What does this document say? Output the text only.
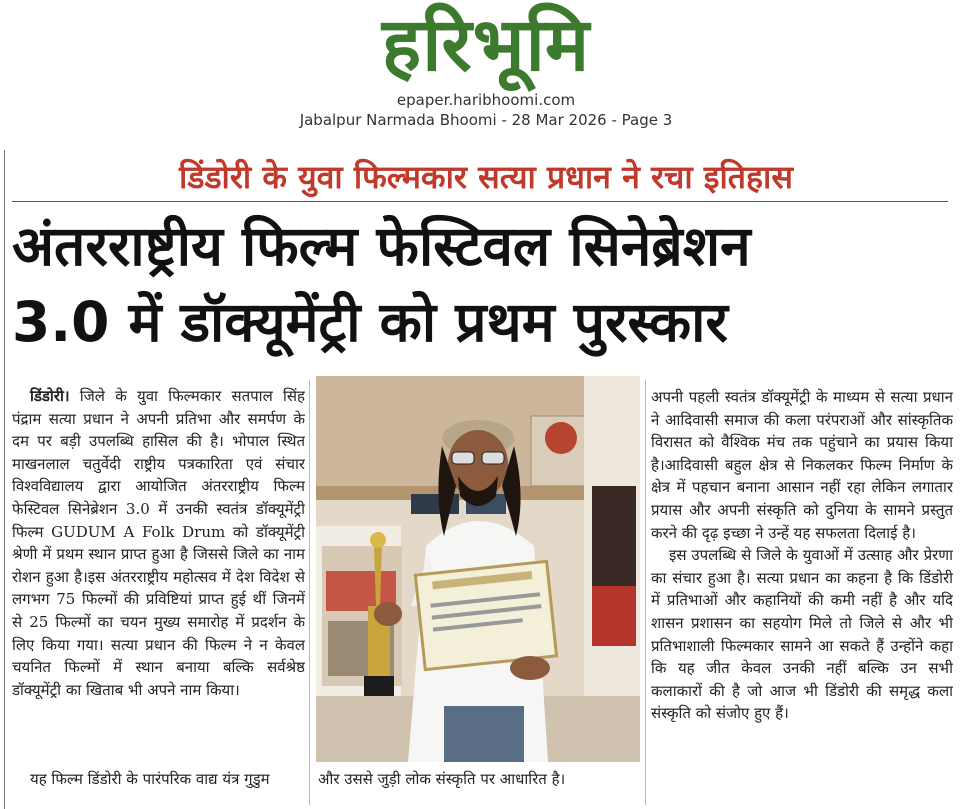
हरिभूमि
epaper.haribhoomi.com
Jabalpur Narmada Bhoomi - 28 Mar 2026 - Page 3
डिंडोरी के युवा फिल्मकार सत्या प्रधान ने रचा इतिहास
अंतरराष्ट्रीय फिल्म फेस्टिवल सिनेब्रेशन
3.0 में डॉक्यूमेंट्री को प्रथम पुरस्कार

डिंडोरी। जिले के युवा फिल्मकार सतपाल सिंह पंद्राम सत्या प्रधान ने अपनी प्रतिभा और समर्पण के दम पर बड़ी उपलब्धि हासिल की है। भोपाल स्थित माखनलाल चतुर्वेदी राष्ट्रीय पत्रकारिता एवं संचार विश्वविद्यालय द्वारा आयोजित अंतरराष्ट्रीय फिल्म फेस्टिवल सिनेब्रेशन 3.0 में उनकी स्वतंत्र डॉक्यूमेंट्री फिल्म GUDUM A Folk Drum को डॉक्यूमेंट्री श्रेणी में प्रथम स्थान प्राप्त हुआ है जिससे जिले का नाम रोशन हुआ है।इस अंतरराष्ट्रीय महोत्सव में देश विदेश से लगभग 75 फिल्मों की प्रविष्टियां प्राप्त हुई थीं जिनमें से 25 फिल्मों का चयन मुख्य समारोह में प्रदर्शन के लिए किया गया। सत्या प्रधान की फिल्म ने न केवल चयनित फिल्मों में स्थान बनाया बल्कि सर्वश्रेष्ठ डॉक्यूमेंट्री का खिताब भी अपने नाम किया।

अपनी पहली स्वतंत्र डॉक्यूमेंट्री के माध्यम से सत्या प्रधान ने आदिवासी समाज की कला परंपराओं और सांस्कृतिक विरासत को वैश्विक मंच तक पहुंचाने का प्रयास किया है।आदिवासी बहुल क्षेत्र से निकलकर फिल्म निर्माण के क्षेत्र में पहचान बनाना आसान नहीं रहा लेकिन लगातार प्रयास और अपनी संस्कृति को दुनिया के सामने प्रस्तुत करने की दृढ़ इच्छा ने उन्हें यह सफलता दिलाई है।

इस उपलब्धि से जिले के युवाओं में उत्साह और प्रेरणा का संचार हुआ है। सत्या प्रधान का कहना है कि डिंडोरी में प्रतिभाओं और कहानियों की कमी नहीं है और यदि शासन प्रशासन का सहयोग मिले तो जिले से और भी प्रतिभाशाली फिल्मकार सामने आ सकते हैं उन्होंने कहा कि यह जीत केवल उनकी नहीं बल्कि उन सभी कलाकारों की है जो आज भी डिंडोरी की समृद्ध कला संस्कृति को संजोए हुए हैं।

यह फिल्म डिंडोरी के पारंपरिक वाद्य यंत्र गुडुम	और उससे जुड़ी लोक संस्कृति पर आधारित है।
